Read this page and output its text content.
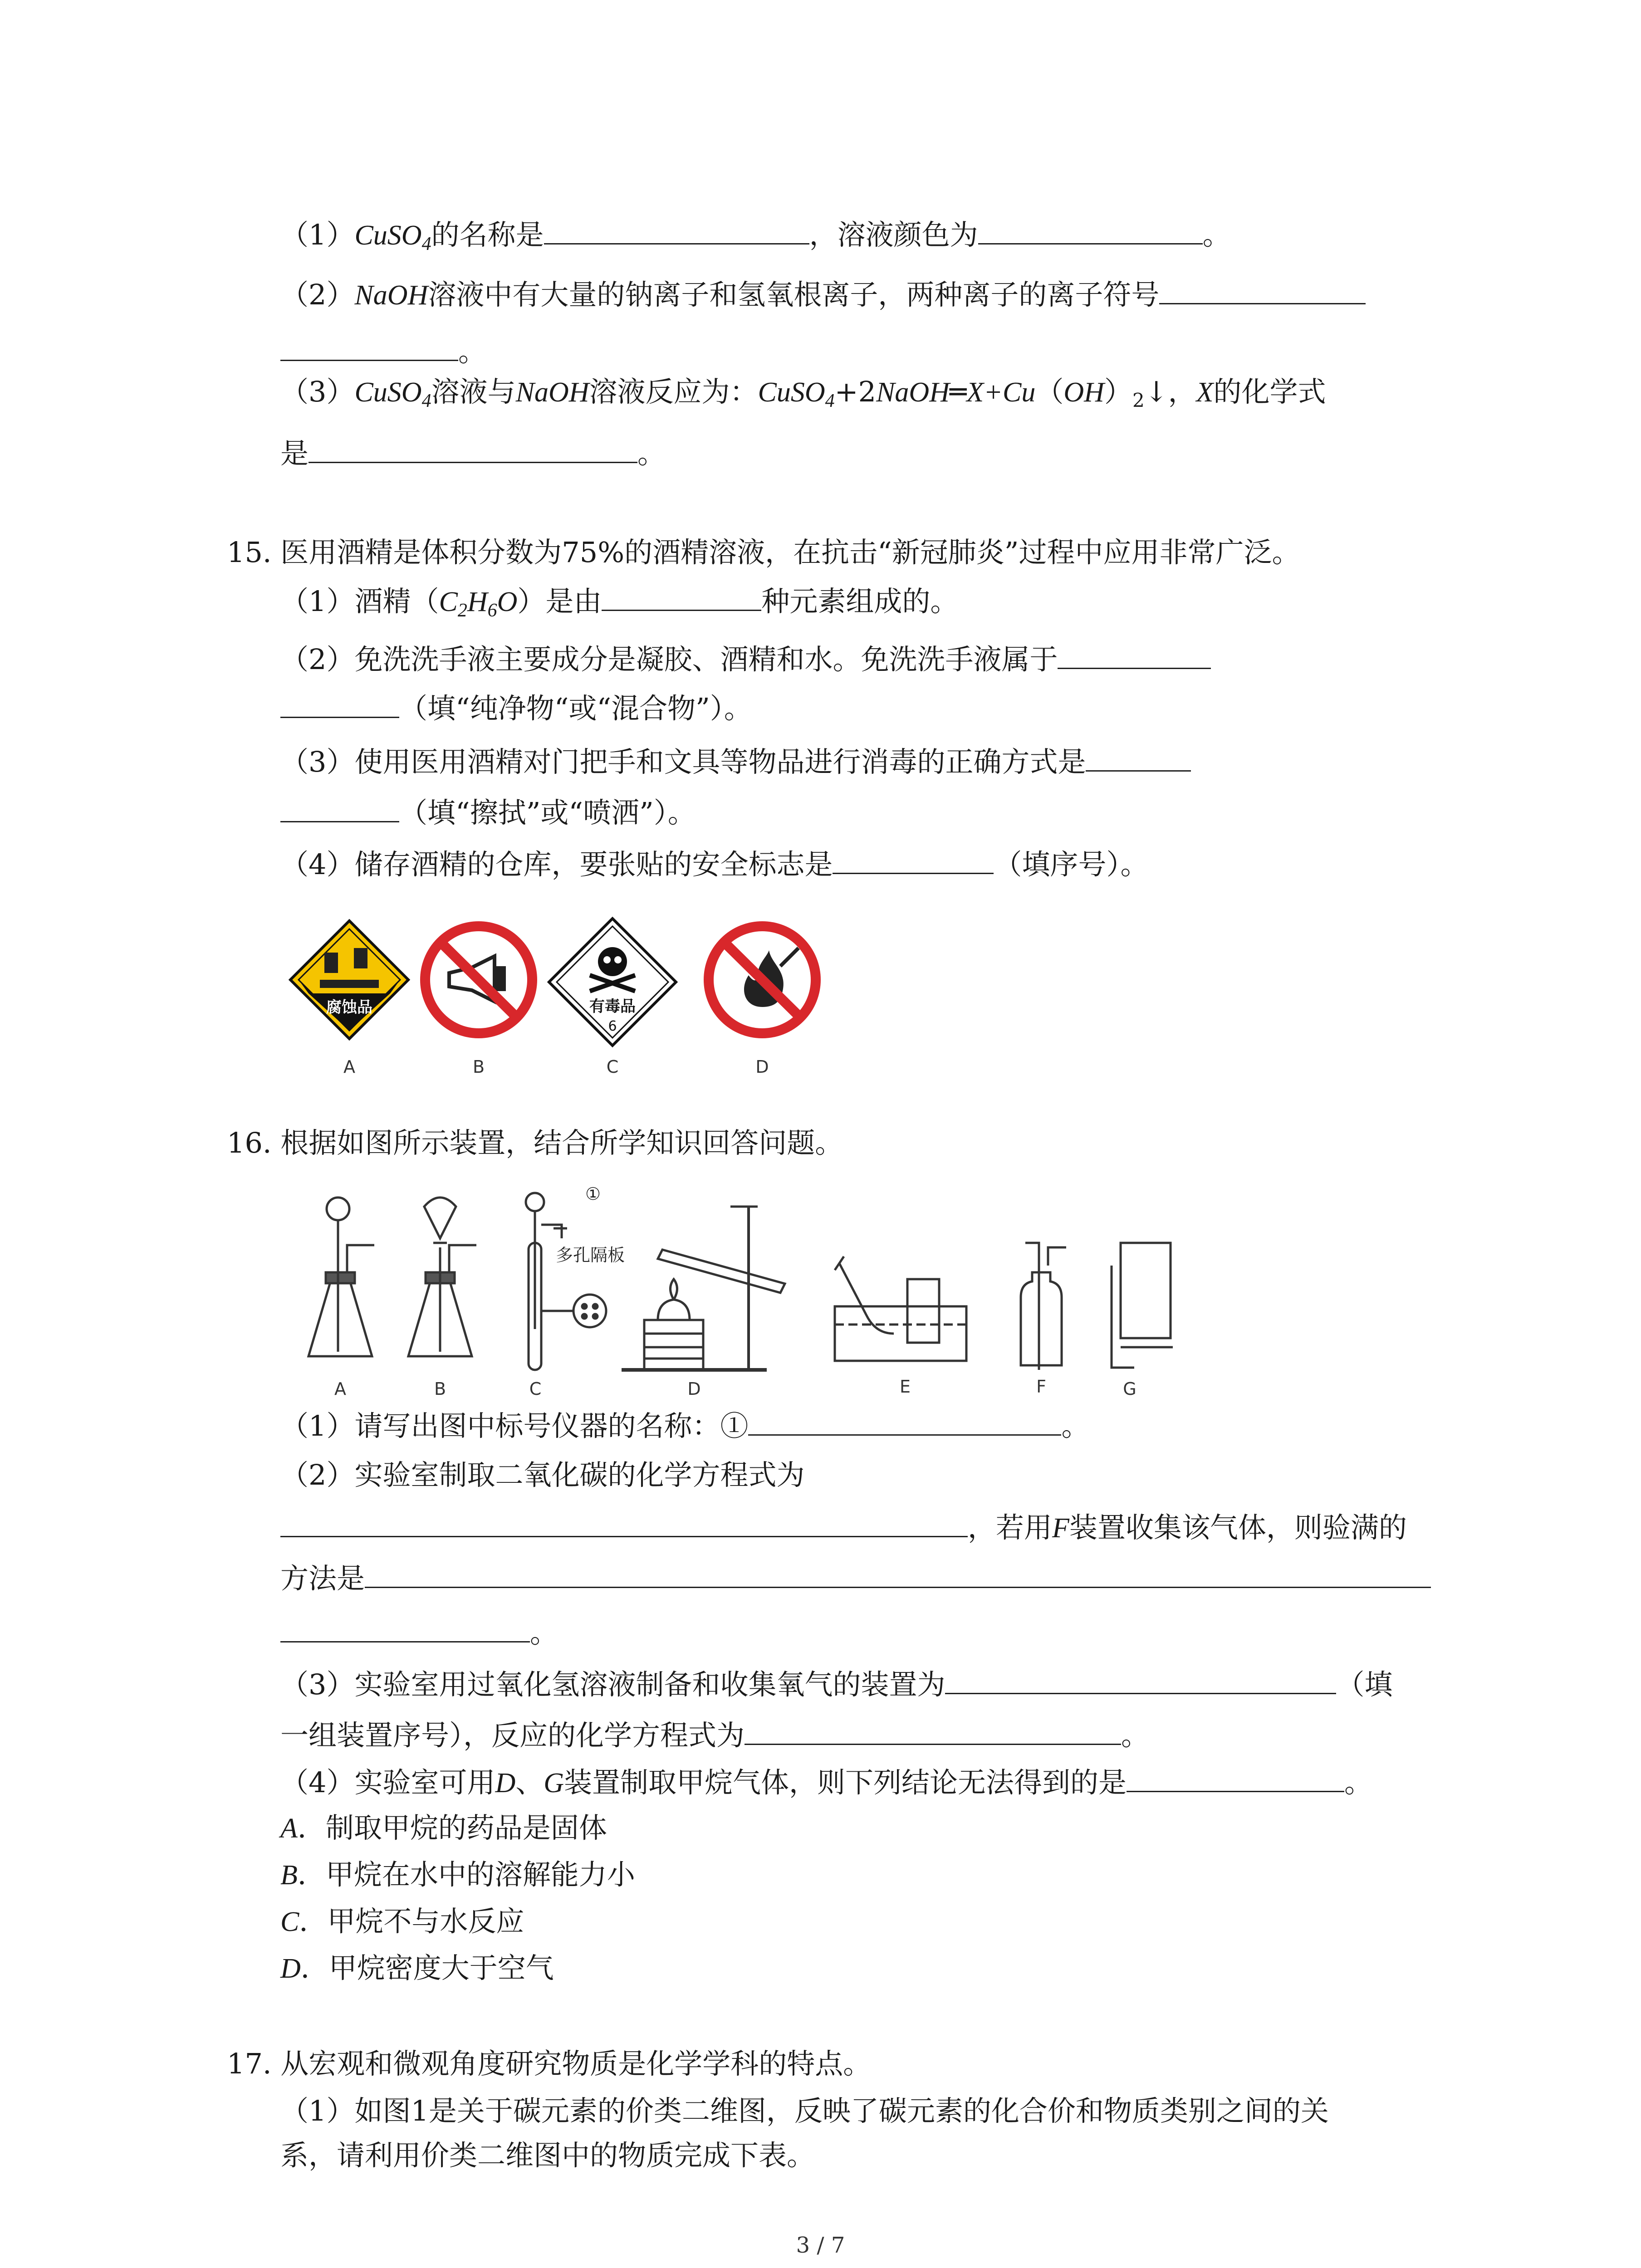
（1）CuSO$_4$的名称是	，溶液颜色为	。
（2）NaOH溶液中有大量的钠离子和氢氧根离子，两种离子的离子符号
。
（3）CuSO$_4$溶液与NaOH溶液反应为：$CuSO_4+2NaOH═X+Cu(OH)_2↓$，X的化学式
是	。
15. 医用酒精是体积分数为75%的酒精溶液，在抗击“新冠肺炎”过程中应用非常广泛。
（1）酒精$(C_2H_6O)$是由	种元素组成的。
（2）免洗洗手液主要成分是凝胶、酒精和水。免洗洗手液属于
（填“纯净物“或“混合物”）。
（3）使用医用酒精对门把手和文具等物品进行消毒的正确方式是
（填“擦拭”或“喷洒”）。
（4）储存酒精的仓库，要张贴的安全标志是	（填序号）。
腐蚀品	有毒品
6
A	B	C	D
16. 根据如图所示装置，结合所学知识回答问题。
①
多孔隔板
A	B	C	D	E	F	G
（1）请写出图中标号仪器的名称：①	。
（2）实验室制取二氧化碳的化学方程式为
，若用F装置收集该气体，则验满的
方法是
。
（3）实验室用过氧化氢溶液制备和收集氧气的装置为	（填
一组装置序号），反应的化学方程式为	。
（4）实验室可用D、G装置制取甲烷气体，则下列结论无法得到的是	。
A．制取甲烷的药品是固体
B．甲烷在水中的溶解能力小
C．甲烷不与水反应
D．甲烷密度大于空气
17. 从宏观和微观角度研究物质是化学学科的特点。
（1）如图1是关于碳元素的价类二维图，反映了碳元素的化合价和物质类别之间的关
系，请利用价类二维图中的物质完成下表。
3 / 7
